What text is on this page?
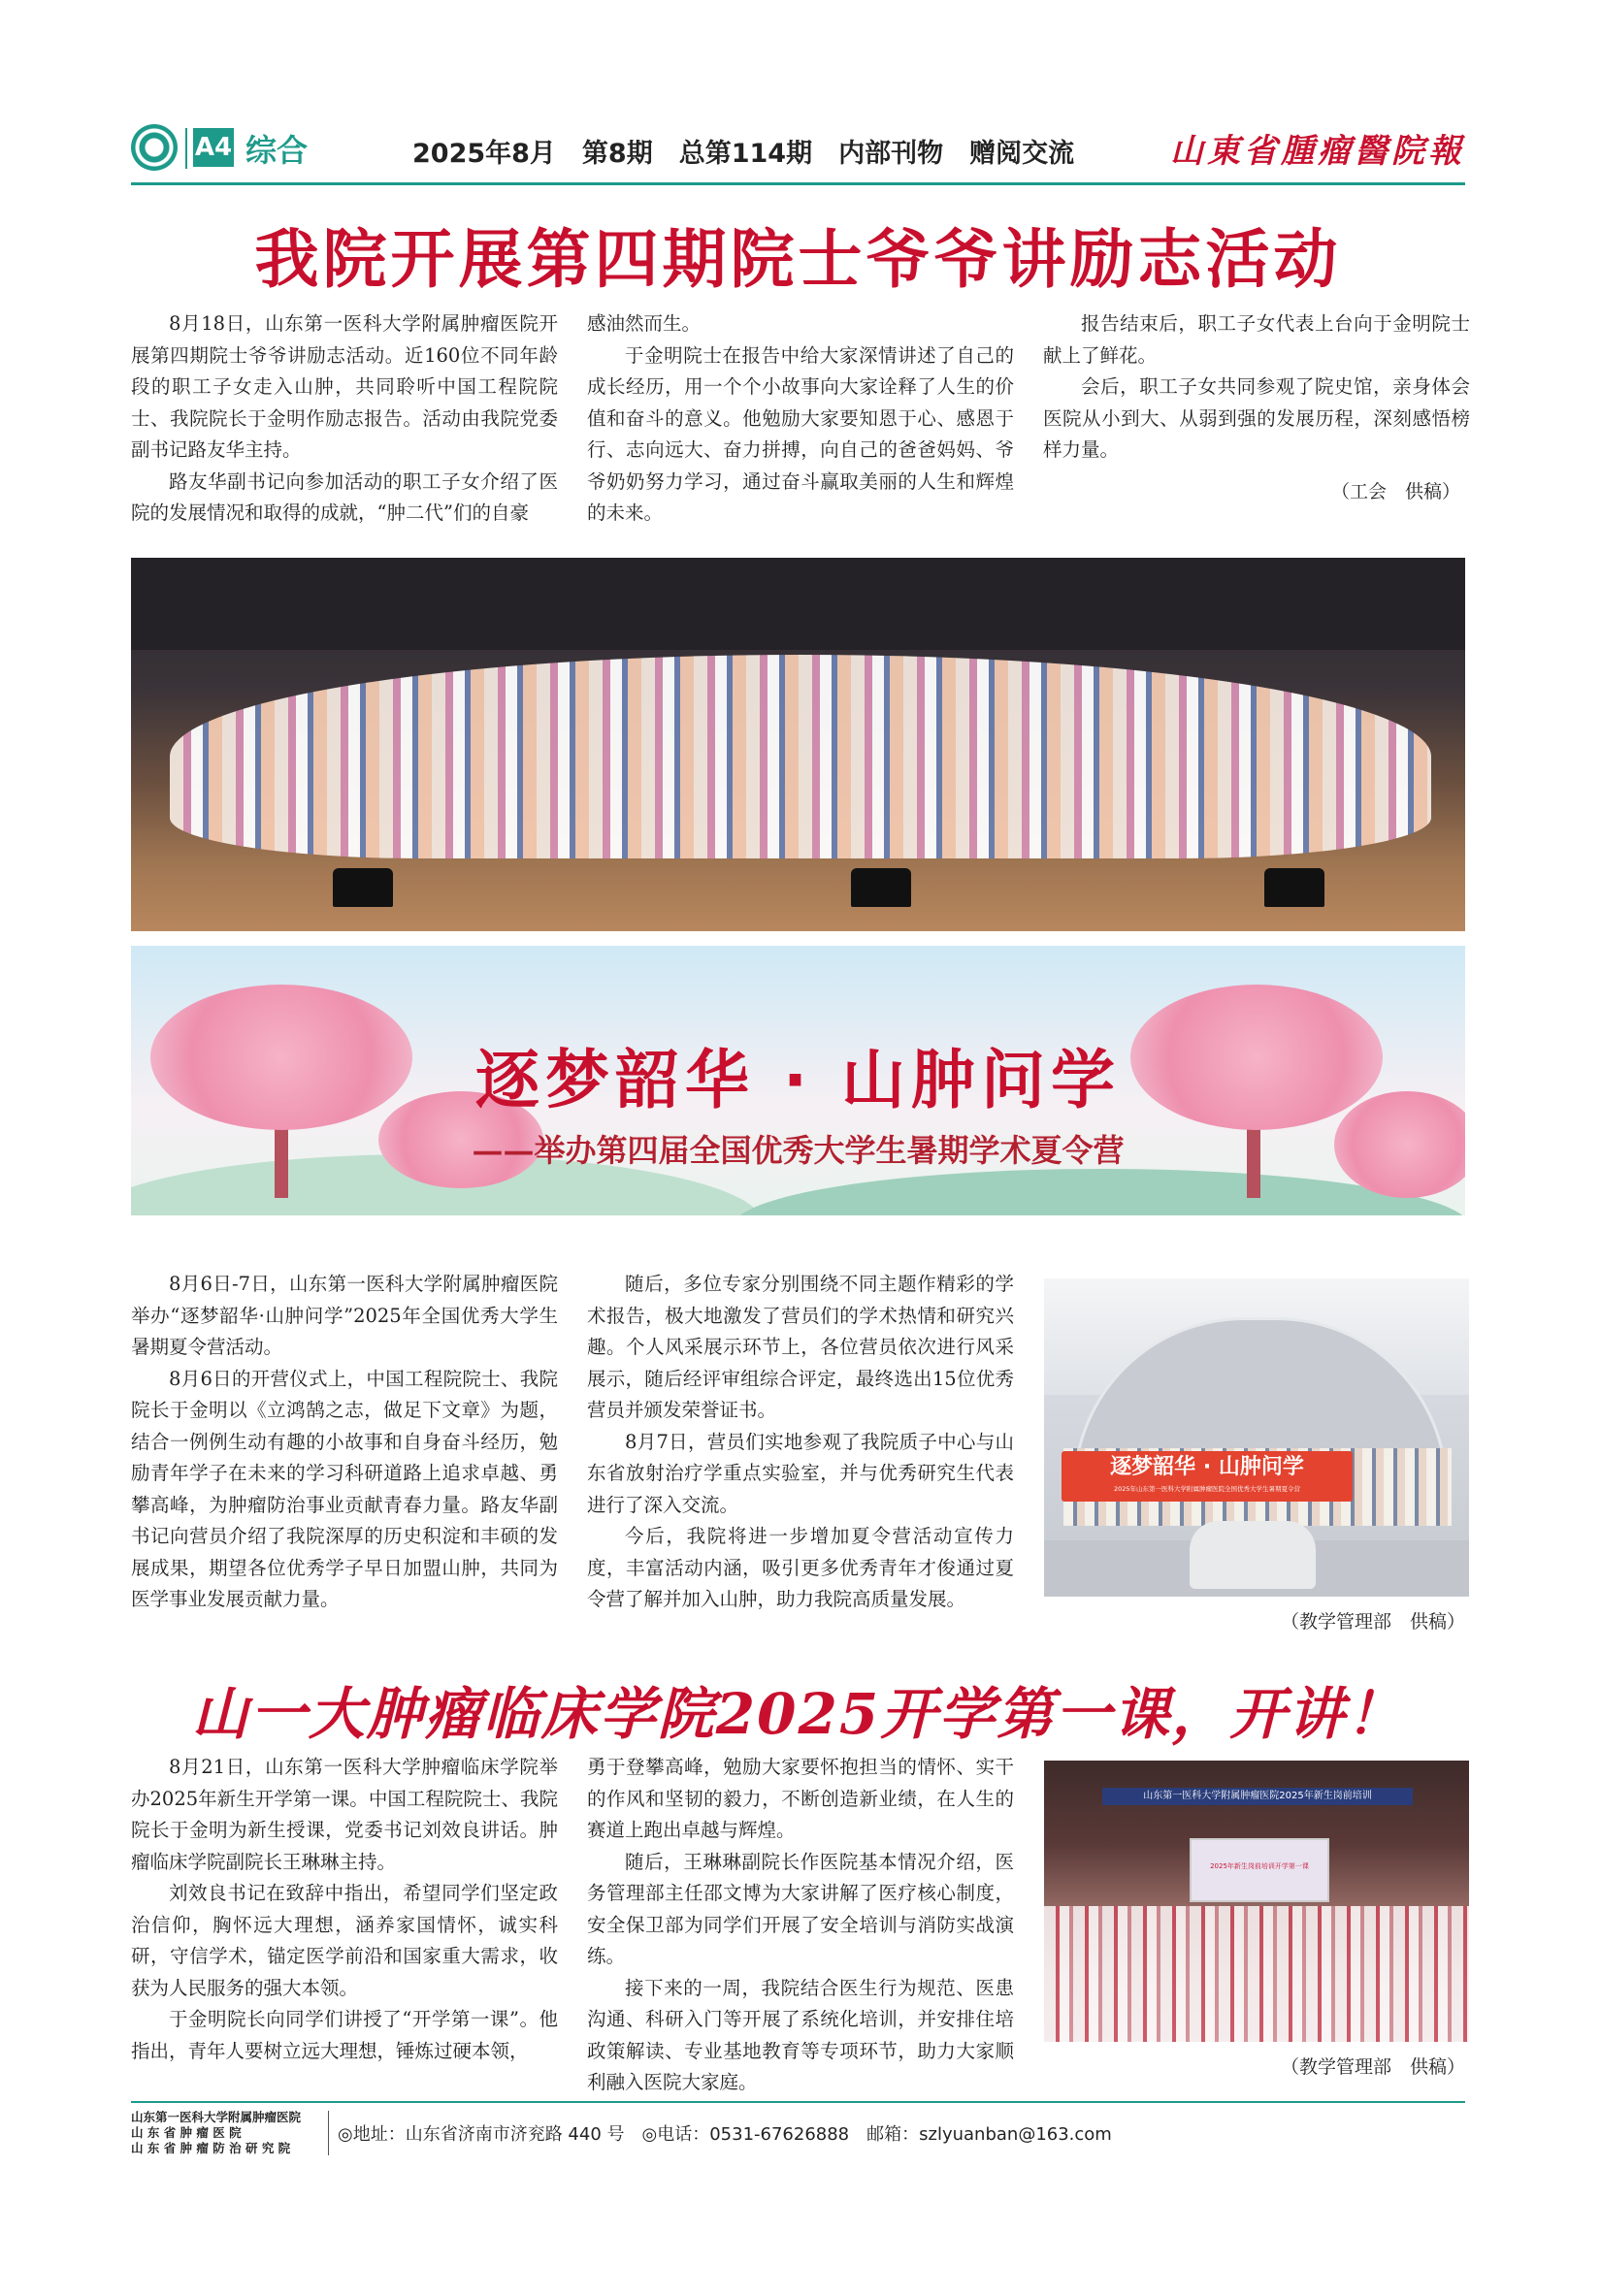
A4 综合	2025年8月　第8期　总第114期　内部刊物　赠阅交流	山東省腫瘤醫院報
我院开展第四期院士爷爷讲励志活动

8月18日，山东第一医科大学附属肿瘤医院开展第四期院士爷爷讲励志活动。近160位不同年龄段的职工子女走入山肿，共同聆听中国工程院院士、我院院长于金明作励志报告。活动由我院党委副书记路友华主持。

路友华副书记向参加活动的职工子女介绍了医院的发展情况和取得的成就，“肿二代”们的自豪

感油然而生。

于金明院士在报告中给大家深情讲述了自己的成长经历，用一个个小故事向大家诠释了人生的价值和奋斗的意义。他勉励大家要知恩于心、感恩于行、志向远大、奋力拼搏，向自己的爸爸妈妈、爷爷奶奶努力学习，通过奋斗赢取美丽的人生和辉煌的未来。

报告结束后，职工子女代表上台向于金明院士献上了鲜花。

会后，职工子女共同参观了院史馆，亲身体会医院从小到大、从弱到强的发展历程，深刻感悟榜样力量。

（工会　供稿）
逐梦韶华 · 山肿问学
——举办第四届全国优秀大学生暑期学术夏令营

8月6日-7日，山东第一医科大学附属肿瘤医院举办“逐梦韶华·山肿问学”2025年全国优秀大学生暑期夏令营活动。

8月6日的开营仪式上，中国工程院院士、我院院长于金明以《立鸿鹄之志，做足下文章》为题，结合一例例生动有趣的小故事和自身奋斗经历，勉励青年学子在未来的学习科研道路上追求卓越、勇攀高峰，为肿瘤防治事业贡献青春力量。路友华副书记向营员介绍了我院深厚的历史积淀和丰硕的发展成果，期望各位优秀学子早日加盟山肿，共同为医学事业发展贡献力量。

随后，多位专家分别围绕不同主题作精彩的学术报告，极大地激发了营员们的学术热情和研究兴趣。个人风采展示环节上，各位营员依次进行风采展示，随后经评审组综合评定，最终选出15位优秀营员并颁发荣誉证书。

8月7日，营员们实地参观了我院质子中心与山东省放射治疗学重点实验室，并与优秀研究生代表进行了深入交流。

今后，我院将进一步增加夏令营活动宣传力度，丰富活动内涵，吸引更多优秀青年才俊通过夏令营了解并加入山肿，助力我院高质量发展。

逐梦韶华 · 山肿问学
2025年山东第一医科大学附属肿瘤医院全国优秀大学生暑期夏令营
（教学管理部　供稿）
山一大肿瘤临床学院2025开学第一课，开讲！

8月21日，山东第一医科大学肿瘤临床学院举办2025年新生开学第一课。中国工程院院士、我院院长于金明为新生授课，党委书记刘效良讲话。肿瘤临床学院副院长王琳琳主持。

刘效良书记在致辞中指出，希望同学们坚定政治信仰，胸怀远大理想，涵养家国情怀，诚实科研，守信学术，锚定医学前沿和国家重大需求，收获为人民服务的强大本领。

于金明院长向同学们讲授了“开学第一课”。他指出，青年人要树立远大理想，锤炼过硬本领，

勇于登攀高峰，勉励大家要怀抱担当的情怀、实干的作风和坚韧的毅力，不断创造新业绩，在人生的赛道上跑出卓越与辉煌。

随后，王琳琳副院长作医院基本情况介绍，医务管理部主任邵文博为大家讲解了医疗核心制度，安全保卫部为同学们开展了安全培训与消防实战演练。

接下来的一周，我院结合医生行为规范、医患沟通、科研入门等开展了系统化培训，并安排住培政策解读、专业基地教育等专项环节，助力大家顺利融入医院大家庭。

山东第一医科大学附属肿瘤医院2025年新生岗前培训
2025年新生岗前培训开学第一课
（教学管理部　供稿）
山东第一医科大学附属肿瘤医院
山 东 省 肿 瘤 医 院
山 东 省 肿 瘤 防 治 研 究 院
◎地址：山东省济南市济兖路 440 号　◎电话：0531-67626888　邮箱：szlyuanban@163.com
